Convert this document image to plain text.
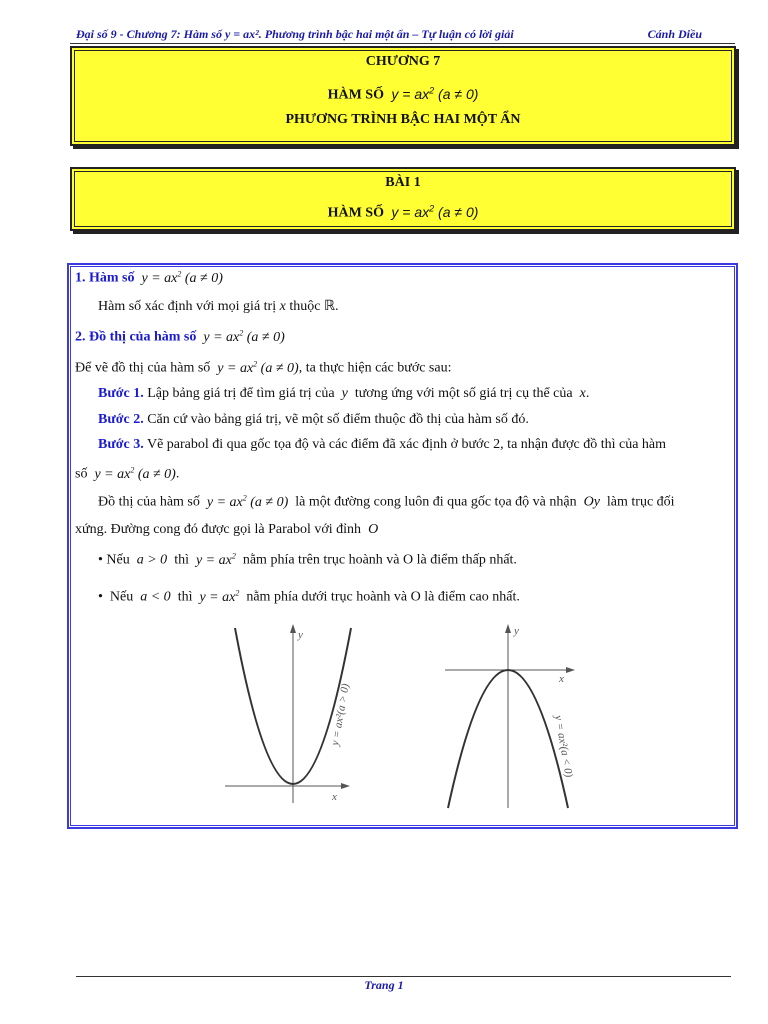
Đại số 9 - Chương 7: Hàm số y = ax². Phương trình bậc hai một ẩn – Tự luận có lời giải	Cánh Diều
CHƯƠNG 7
HÀM SỐ $y = ax^2$ (a ≠ 0)
PHƯƠNG TRÌNH BẬC HAI MỘT ẨN
BÀI 1
HÀM SỐ $y = ax^2$ (a ≠ 0)
1. Hàm số $y = ax^2$ (a ≠ 0)
Hàm số xác định với mọi giá trị x thuộc ℝ.
2. Đồ thị của hàm số $y = ax^2$ (a ≠ 0)
Để vẽ đồ thị của hàm số $y = ax^2$ (a ≠ 0), ta thực hiện các bước sau:
Bước 1. Lập bảng giá trị để tìm giá trị của y tương ứng với một số giá trị cụ thể của x.
Bước 2. Căn cứ vào bảng giá trị, vẽ một số điểm thuộc đồ thị của hàm số đó.
Bước 3. Vẽ parabol đi qua gốc tọa độ và các điểm đã xác định ở bước 2, ta nhận được đồ thì của hàm
số $y = ax^2$ (a ≠ 0).
Đồ thị của hàm số $y = ax^2$ (a ≠ 0) là một đường cong luôn đi qua gốc tọa độ và nhận Oy làm trục đối
xứng. Đường cong đó được gọi là Parabol với đỉnh O
• Nếu a > 0 thì $y = ax^2$ nằm phía trên trục hoành và O là điểm thấp nhất.
• Nếu a < 0 thì $y = ax^2$ nằm phía dưới trục hoành và O là điểm cao nhất.
y
x
y = ax²(a > 0)
y
x
y = ax²(a < 0)
Trang 1
